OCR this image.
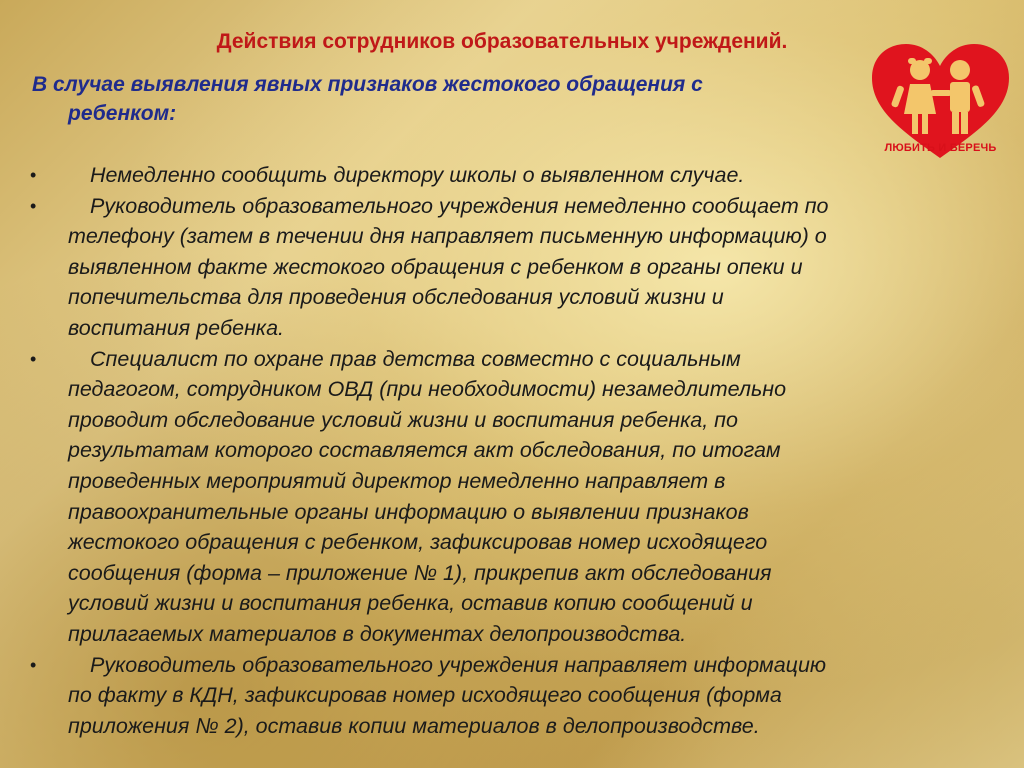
Действия сотрудников образовательных учреждений.
В случае выявления явных признаков жестокого обращения с
ребенком:
ЛЮБИТЬ И БЕРЕЧЬ
• Немедленно сообщить директору школы о выявленном случае.

• Руководитель образовательного учреждения немедленно сообщает по
телефону (затем в течении дня направляет письменную информацию) о
выявленном факте жестокого обращения с ребенком в органы опеки и
попечительства для проведения обследования условий жизни и
воспитания ребенка.

• Специалист по охране прав детства совместно с социальным
педагогом, сотрудником ОВД (при необходимости) незамедлительно
проводит обследование условий жизни и воспитания ребенка, по
результатам которого составляется акт обследования, по итогам
проведенных мероприятий директор немедленно направляет в
правоохранительные органы информацию о выявлении признаков
жестокого обращения с ребенком, зафиксировав номер исходящего
сообщения (форма – приложение № 1), прикрепив акт обследования
условий жизни и воспитания ребенка, оставив копию сообщений и
прилагаемых материалов в документах делопроизводства.

• Руководитель образовательного учреждения направляет информацию
по факту в КДН, зафиксировав номер исходящего сообщения (форма
приложения № 2), оставив копии материалов в делопроизводстве.
